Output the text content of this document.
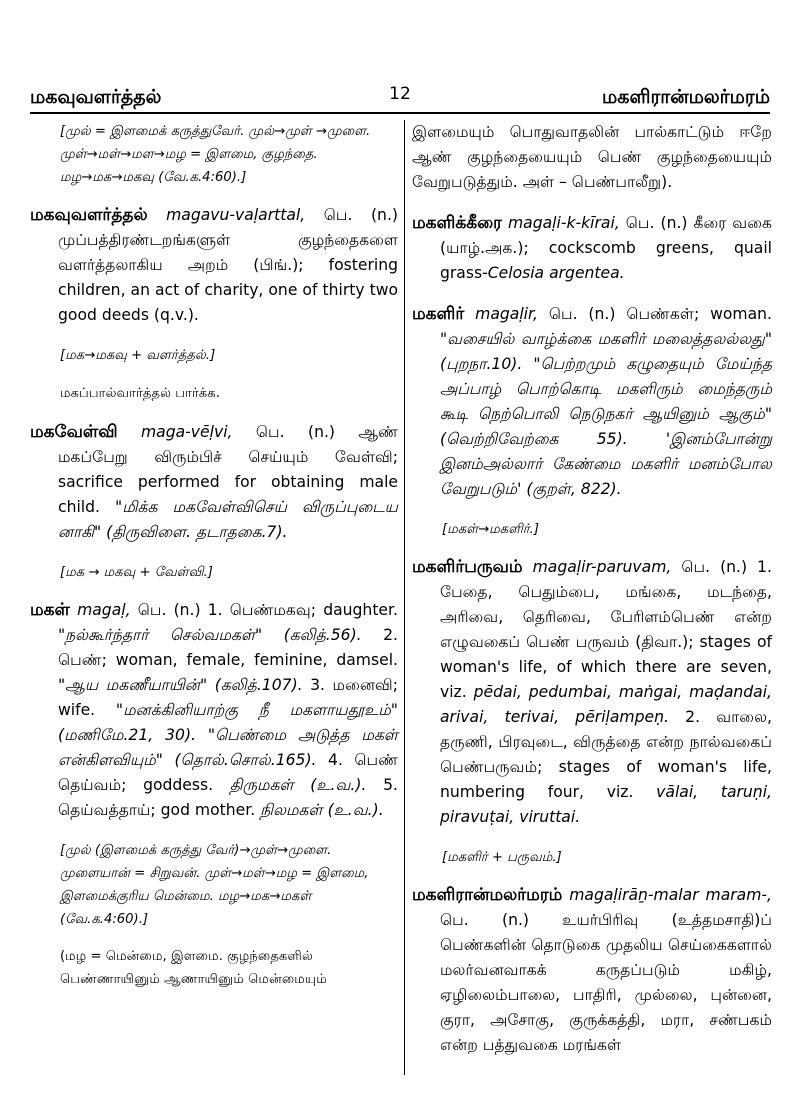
மகவுவளர்த்தல்	12	மகளிரான்மலர்மரம்

[முல் = இளமைக் கருத்துவேர். முல்→முள் →முளை. முள்→மள்→மள→மழ = இளமை, குழந்தை. மழ→மக→மகவு (வே.க.4:60).]

மகவுவளர்த்தல் magavu-vaḷarttal, பெ. (n.) முப்பத்திரண்டறங்களுள் குழந்தைகளை வளர்த்தலாகிய அறம் (பிங்.); fostering children, an act of charity, one of thirty two good deeds (q.v.).

[மக→மகவு + வளர்த்தல்.]

மகப்பால்வார்த்தல் பார்க்க.

மகவேள்வி maga-vēḷvi, பெ. (n.) ஆண் மகப்பேறு விரும்பிச் செய்யும் வேள்வி; sacrifice performed for obtaining male child. "மிக்க மகவேள்விசெய் விருப்புடைய னாகி" (திருவிளை. தடாதகை.7).

[மக → மகவு + வேள்வி.]

மகள் magaḷ, பெ. (n.) 1. பெண்மகவு; daughter. "நல்கூர்ந்தார் செல்வமகள்" (கலித்.56). 2. பெண்; woman, female, feminine, damsel. "ஆய மகணீயாயின்" (கலித்.107). 3. மனைவி; wife. "மனக்கினியாற்கு நீ மகளாயதூஉம்" (மணிமே.21, 30). "பெண்மை அடுத்த மகள் என்கிளவியும்" (தொல்.சொல்.165). 4. பெண் தெய்வம்; goddess. திருமகள் (உ.வ.). 5. தெய்வத்தாய்; god mother. நிலமகள் (உ.வ.).

[முல் (இளமைக் கருத்து வேர்)→முள்→முளை. முளையான் = சிறுவன். முள்→மள்→மழ = இளமை, இளமைக்குரிய மென்மை. மழ→மக→மகள் (வே.க.4:60).]

(மழ = மென்மை, இளமை. குழந்தைகளில் பெண்ணாயினும் ஆணாயினும் மென்மையும்

இளமையும் பொதுவாதலின் பால்காட்டும் ஈறே ஆண் குழந்தையையும் பெண் குழந்தையையும் வேறுபடுத்தும். அள் – பெண்பாலீறு).

மகளிக்கீரை magaḷi-k-kīrai, பெ. (n.) கீரை வகை (யாழ்.அக.); cockscomb greens, quail grass-Celosia argentea.

மகளிர் magaḷir, பெ. (n.) பெண்கள்; woman. "வசையில் வாழ்க்கை மகளிர் மலைத்தலல்லது" (புறநா.10). "பெற்றமும் கழுதையும் மேய்ந்த அப்பாழ் பொற்கொடி மகளிரும் மைந்தரும் கூடி நெற்பொலி நெடுநகர் ஆயினும் ஆகும்" (வெற்றிவேற்கை 55). 'இனம்போன்று இனம்அல்லார் கேண்மை மகளிர் மனம்போல வேறுபடும்' (குறள், 822).

[மகள்→மகளிர்.]

மகளிர்பருவம் magaḷir-paruvam, பெ. (n.) 1. பேதை, பெதும்பை, மங்கை, மடந்தை, அரிவை, தெரிவை, பேரிளம்பெண் என்ற எழுவகைப் பெண் பருவம் (திவா.); stages of woman's life, of which there are seven, viz. pēdai, pedumbai, maṅgai, maḍandai, arivai, terivai, pēriḷampeṇ. 2. வாலை, தருணி, பிரவுடை, விருத்தை என்ற நால்வகைப் பெண்பருவம்; stages of woman's life, numbering four, viz. vālai, taruṇi, piravuṭai, viruttai.

[மகளிர் + பருவம்.]

மகளிரான்மலர்மரம் magaḷirāṉ-malar maram-, பெ. (n.) உயர்பிரிவு (உத்தமசாதி)ப் பெண்களின் தொடுகை முதலிய செய்கைகளால் மலர்வனவாகக் கருதப்படும் மகிழ், ஏழிலைம்பாலை, பாதிரி, முல்லை, புன்னை, குரா, அசோகு, குருக்கத்தி, மரா, சண்பகம் என்ற பத்துவகை மரங்கள்
